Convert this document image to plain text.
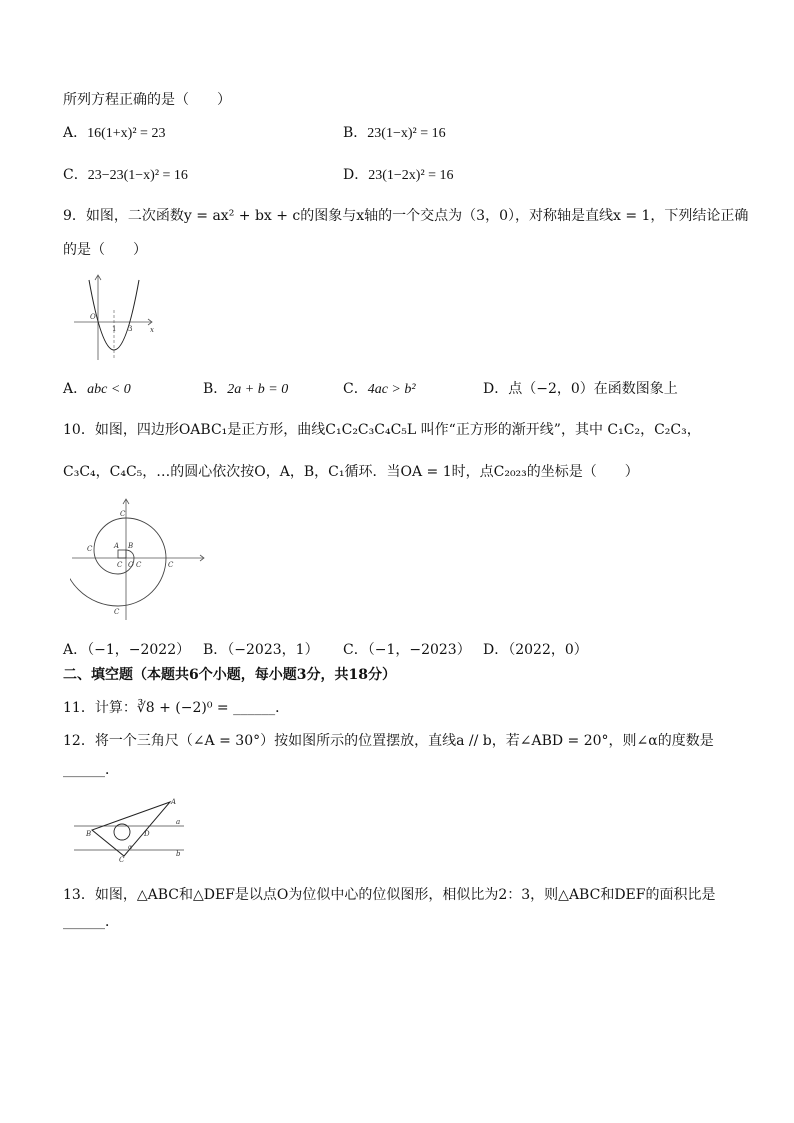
所列方程正确的是（　　）
A．16(1+x)² = 23	B．23(1−x)² = 16
C．23−23(1−x)² = 16	D．23(1−2x)² = 16
9．如图，二次函数y = ax² + bx + c的图象与x轴的一个交点为（3，0），对称轴是直线x = 1，下列结论正确
的是（　　）
O
1 3	x
A．abc < 0	B．2a + b = 0	C．4ac > b²	D．点（−2，0）在函数图象上
10．如图，四边形OABC₁是正方形，曲线C₁C₂C₃C₄C₅L 叫作“正方形的渐开线”，其中 C₁C₂，C₂C₃，
C₃C₄，C₄C₅，…的圆心依次按O，A，B，C₁循环．当OA = 1时，点C₂₀₂₃的坐标是（　　）
C
C	A B
C O C	C
C
A．（−1，−2022） B．（−2023，1） C．（−1，−2023） D．（2022，0）
二、填空题（本题共6个小题，每小题3分，共18分）
11．计算：∛8 + (−2)⁰ = ______．
12．将一个三角尺（∠A = 30°）按如图所示的位置摆放，直线a // b，若∠ABD = 20°，则∠α的度数是
______．
A
B	D
a
α
C
b
13．如图，△ABC和△DEF是以点O为位似中心的位似图形，相似比为2：3，则△ABC和DEF的面积比是
______．
